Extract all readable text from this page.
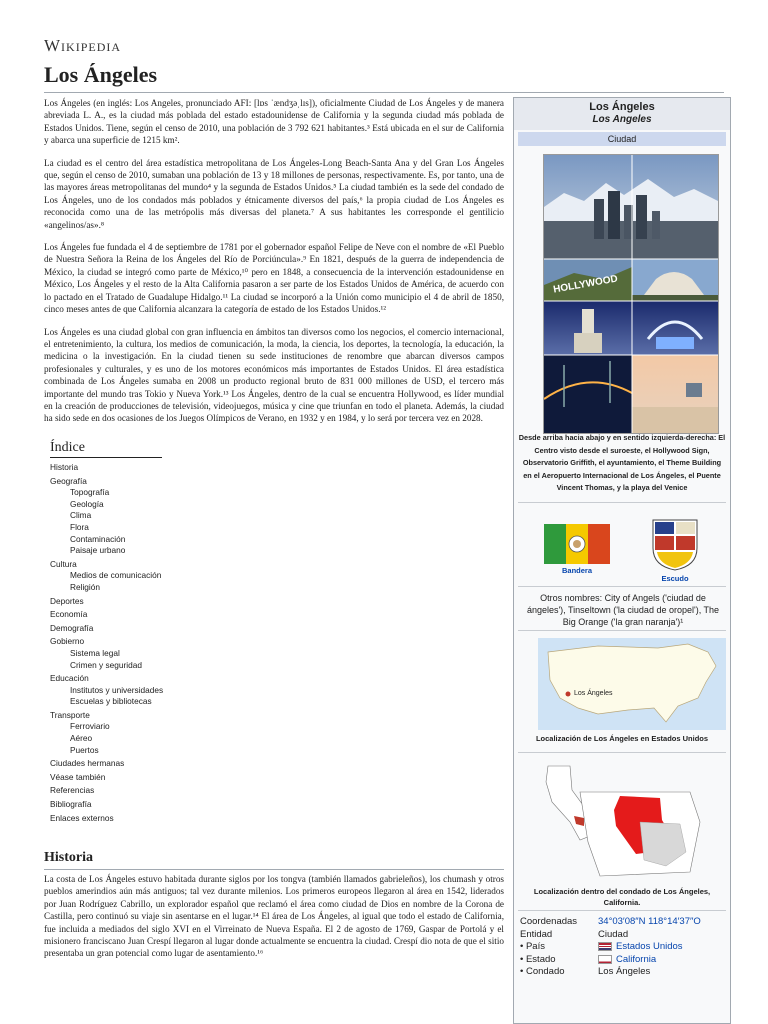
Wikipedia
Los Ángeles

Los Ángeles (en inglés: Los Angeles, pronunciado AFI: [lɒs ˈændʒəˌlɪs]), oficialmente Ciudad de Los Ángeles y de manera abreviada L. A., es la ciudad más poblada del estado estadounidense de California y la segunda ciudad más poblada de Estados Unidos. Tiene, según el censo de 2010, una población de 3 792 621 habitantes.³ Está ubicada en el sur de California y abarca una superficie de 1215 km².

La ciudad es el centro del área estadística metropolitana de Los Ángeles-Long Beach-Santa Ana y del Gran Los Ángeles que, según el censo de 2010, sumaban una población de 13 y 18 millones de personas, respectivamente. Es, por tanto, una de las mayores áreas metropolitanas del mundo⁴ y la segunda de Estados Unidos.⁵ La ciudad también es la sede del condado de Los Ángeles, uno de los condados más poblados y étnicamente diversos del país,⁶ la propia ciudad de Los Ángeles es reconocida como una de las metrópolis más diversas del planeta.⁷ A sus habitantes les corresponde el gentilicio «angelinos/as».⁸

Los Ángeles fue fundada el 4 de septiembre de 1781 por el gobernador español Felipe de Neve con el nombre de «El Pueblo de Nuestra Señora la Reina de los Ángeles del Río de Porciúncula».⁹ En 1821, después de la guerra de independencia de México, la ciudad se integró como parte de México,¹⁰ pero en 1848, a consecuencia de la intervención estadounidense en México, Los Ángeles y el resto de la Alta California pasaron a ser parte de los Estados Unidos de América, de acuerdo con lo pactado en el Tratado de Guadalupe Hidalgo.¹¹ La ciudad se incorporó a la Unión como municipio el 4 de abril de 1850, cinco meses antes de que California alcanzara la categoría de estado de los Estados Unidos.¹²

Los Ángeles es una ciudad global con gran influencia en ámbitos tan diversos como los negocios, el comercio internacional, el entretenimiento, la cultura, los medios de comunicación, la moda, la ciencia, los deportes, la tecnología, la educación, la medicina o la investigación. En la ciudad tienen su sede instituciones de renombre que abarcan diversos campos profesionales y culturales, y es uno de los motores económicos más importantes de Estados Unidos. El área estadística combinada de Los Ángeles sumaba en 2008 un producto regional bruto de 831 000 millones de USD, el tercero más importante del mundo tras Tokio y Nueva York.¹³ Los Ángeles, dentro de la cual se encuentra Hollywood, es líder mundial en la creación de producciones de televisión, videojuegos, música y cine que triunfan en todo el planeta. Además, la ciudad ha sido sede en dos ocasiones de los Juegos Olímpicos de Verano, en 1932 y en 1984, y lo será por tercera vez en 2028.

Índice
Historia
Geografía
Topografía
Geología
Clima
Flora
Contaminación
Paisaje urbano
Cultura
Medios de comunicación
Religión
Deportes
Economía
Demografía
Gobierno
Sistema legal
Crimen y seguridad
Educación
Institutos y universidades
Escuelas y bibliotecas
Transporte
Ferroviario
Aéreo
Puertos
Ciudades hermanas
Véase también
Referencias
Bibliografía
Enlaces externos
Historia
La costa de Los Ángeles estuvo habitada durante siglos por los tongva (también llamados gabrieleños), los chumash y otros pueblos amerindios aún más antiguos; tal vez durante milenios. Los primeros europeos llegaron al área en 1542, liderados por Juan Rodríguez Cabrillo, un explorador español que reclamó el área como ciudad de Dios en nombre de la Corona de Castilla, pero continuó su viaje sin asentarse en el lugar.¹⁴ El área de Los Ángeles, al igual que todo el estado de California, fue incluida a mediados del siglo XVI en el Virreinato de Nueva España. El 2 de agosto de 1769, Gaspar de Portolá y el misionero franciscano Juan Crespí llegaron al lugar donde actualmente se encuentra la ciudad. Crespí dio nota de que el sitio presentaba un gran potencial como lugar de asentamiento.¹⁶
Los Ángeles
Los Angeles
Ciudad
HOLLYWOOD
Desde arriba hacia abajo y en sentido izquierda-derecha: El Centro visto desde el suroeste, el Hollywood Sign, Observatorio Griffith, el ayuntamiento, el Theme Building en el Aeropuerto Internacional de Los Ángeles, el Puente Vincent Thomas, y la playa del Venice
Bandera
Escudo
Otros nombres: City of Angels ('ciudad de ángeles'), Tinseltown ('la ciudad de oropel'), The Big Orange ('la gran naranja')¹
Los Ángeles
Localización de Los Ángeles en Estados Unidos
Localización dentro del condado de Los Ángeles, California.
Coordenadas	34°03′08″N 118°14′37″O
Entidad	Ciudad
• País	Estados Unidos
• Estado	California
• Condado	Los Ángeles
